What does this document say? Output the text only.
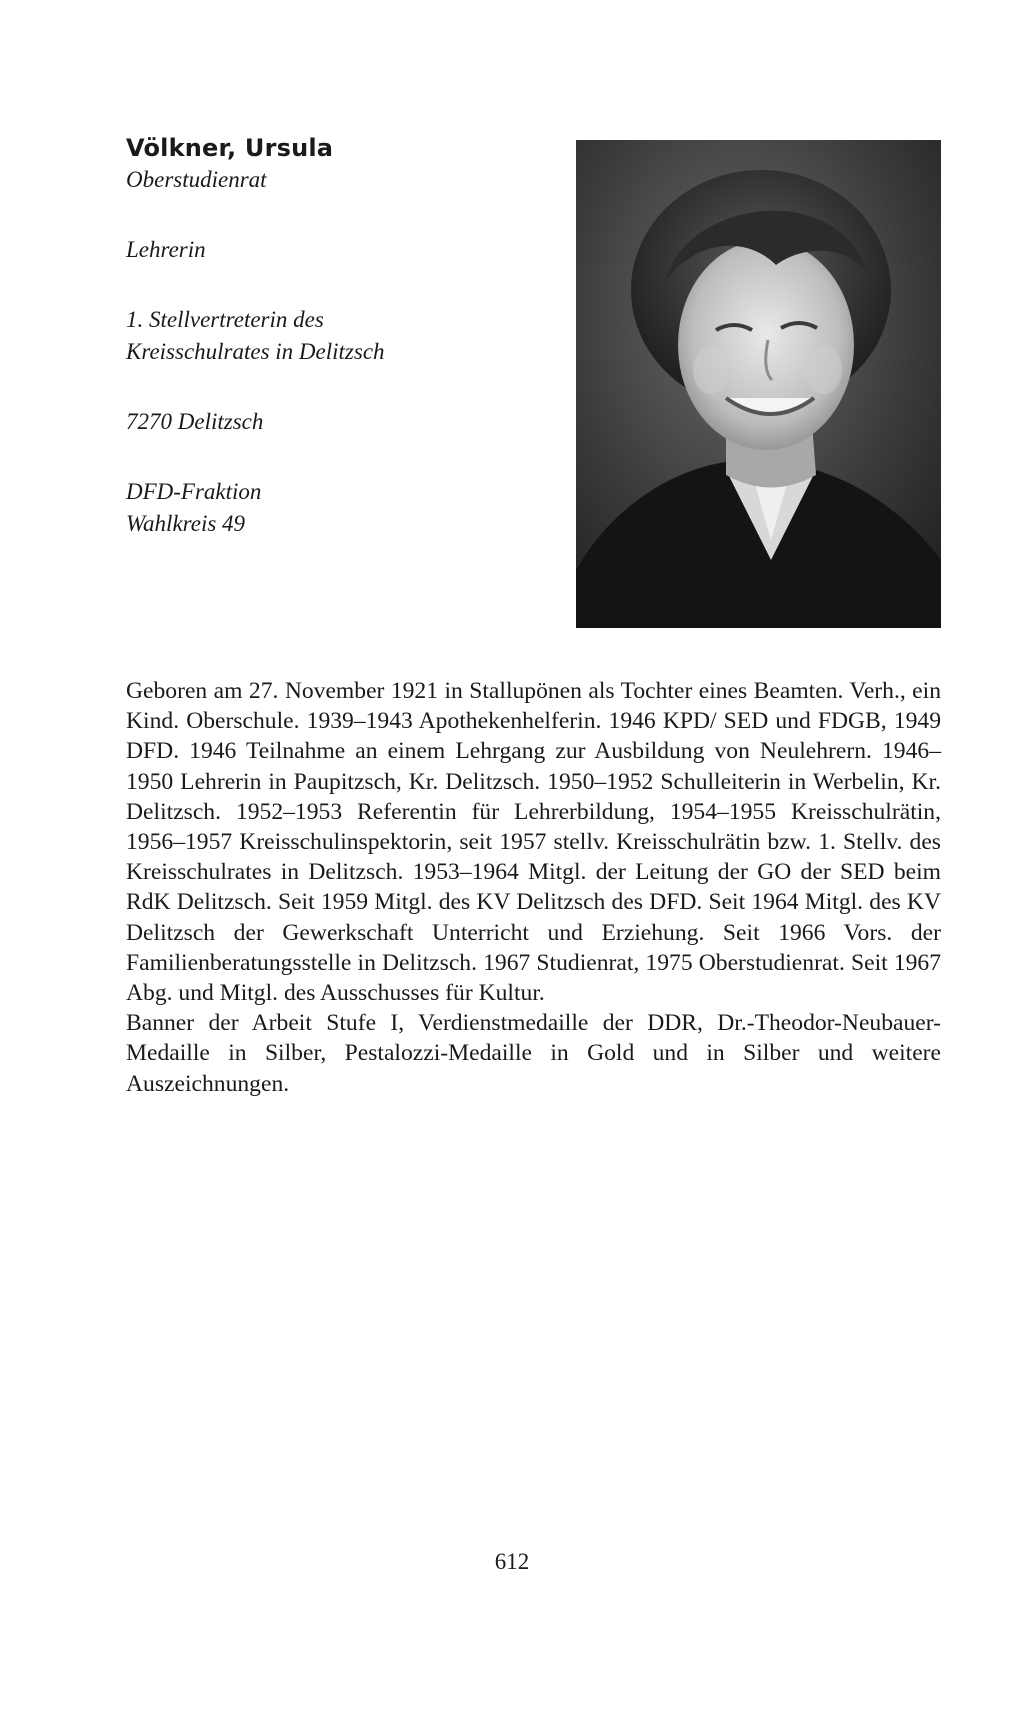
Völkner, Ursula

Oberstudienrat

Lehrerin

1. Stellvertreterin des

Kreisschulrates in Delitzsch

7270 Delitzsch

DFD-Fraktion

Wahlkreis 49

Geboren am 27. November 1921 in Stallupönen als Tochter eines Beamten. Verh., ein Kind. Oberschule. 1939–1943 Apothekenhelferin. 1946 KPD/ SED und FDGB, 1949 DFD. 1946 Teilnahme an einem Lehrgang zur Ausbildung von Neulehrern. 1946–1950 Lehrerin in Paupitzsch, Kr. Delitzsch. 1950–1952 Schulleiterin in Werbelin, Kr. Delitzsch. 1952–1953 Referentin für Lehrerbildung, 1954–1955 Kreisschulrätin, 1956–1957 Kreisschulinspektorin, seit 1957 stellv. Kreisschulrätin bzw. 1. Stellv. des Kreisschulrates in Delitzsch. 1953–1964 Mitgl. der Leitung der GO der SED beim RdK Delitzsch. Seit 1959 Mitgl. des KV Delitzsch des DFD. Seit 1964 Mitgl. des KV Delitzsch der Gewerkschaft Unterricht und Erziehung. Seit 1966 Vors. der Familienberatungsstelle in Delitzsch. 1967 Studienrat, 1975 Oberstudienrat. Seit 1967 Abg. und Mitgl. des Ausschusses für Kultur.

Banner der Arbeit Stufe I, Verdienstmedaille der DDR, Dr.-Theodor-Neubauer-Medaille in Silber, Pestalozzi-Medaille in Gold und in Silber und weitere Auszeichnungen.

612
